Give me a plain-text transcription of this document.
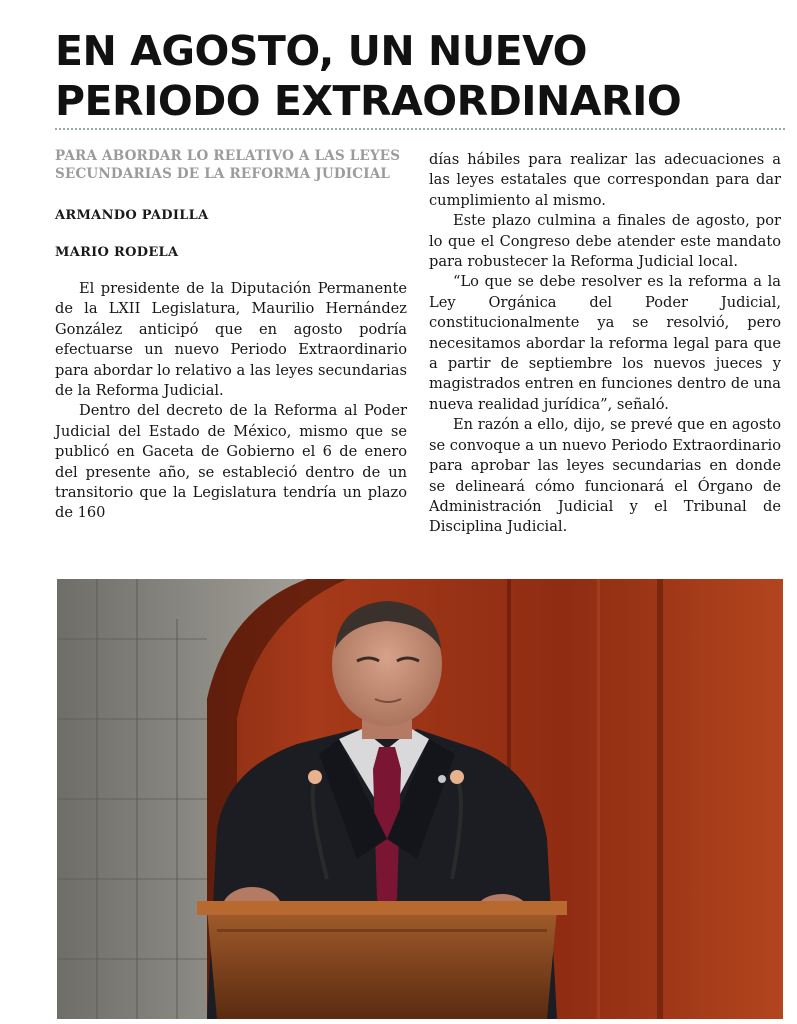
EN AGOSTO, UN NUEVO
PERIODO EXTRAORDINARIO

PARA ABORDAR LO RELATIVO A LAS LEYES SECUNDARIAS DE LA REFORMA JUDICIAL

ARMANDO PADILLA

MARIO RODELA

El presidente de la Diputación Permanente de la LXII Legislatura, Maurilio Hernández González anticipó que en agosto podría efectuarse un nuevo Periodo Extraordinario para abordar lo relativo a las leyes secundarias de la Reforma Judicial.

Dentro del decreto de la Reforma al Poder Judicial del Estado de México, mismo que se publicó en Gaceta de Gobierno el 6 de enero del presente año, se estableció dentro de un transitorio que la Legislatura tendría un plazo de 160

días hábiles para realizar las adecuaciones a las leyes estatales que correspondan para dar cumplimiento al mismo.

Este plazo culmina a finales de agosto, por lo que el Congreso debe atender este mandato para robustecer la Reforma Judicial local.

“Lo que se debe resolver es la reforma a la Ley Orgánica del Poder Judicial, constitucionalmente ya se resolvió, pero necesitamos abordar la reforma legal para que a partir de septiembre los nuevos jueces y magistrados entren en funciones dentro de una nueva realidad jurídica”, señaló.

En razón a ello, dijo, se prevé que en agosto se convoque a un nuevo Periodo Extraordinario para aprobar las leyes secundarias en donde se delineará cómo funcionará el Órgano de Administración Judicial y el Tribunal de Disciplina Judicial.
